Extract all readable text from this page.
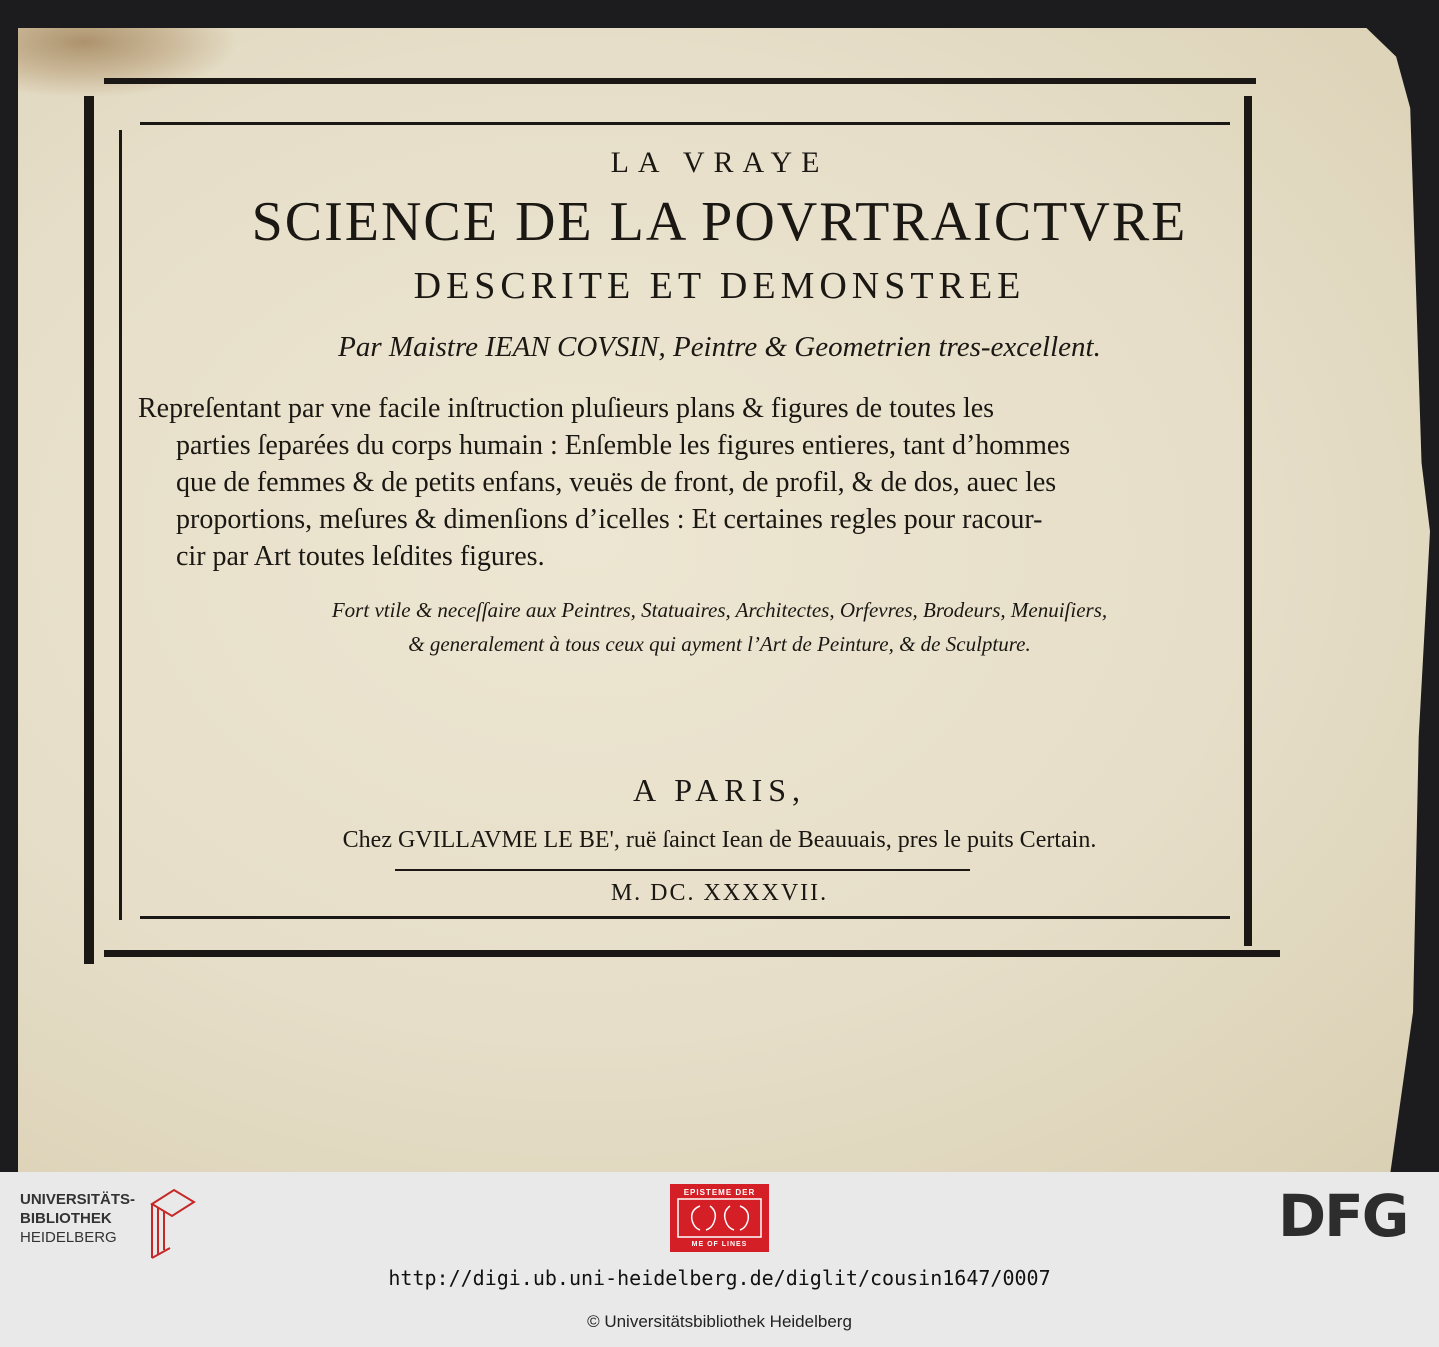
LA VRAYE
SCIENCE DE LA POVRTRAICTVRE
DESCRITE ET DEMONSTREE
Par Maistre IEAN COVSIN, Peintre & Geometrien tres-excellent.
Repreſentant par vne facile inſtruction pluſieurs plans & figures de toutes les
parties ſeparées du corps humain : Enſemble les figures entieres, tant d’hommes
que de femmes & de petits enfans, veuës de front, de profil, & de dos, auec les
proportions, meſures & dimenſions d’icelles : Et certaines regles pour racour-
cir par Art toutes leſdites figures.
Fort vtile & neceſſaire aux Peintres, Statuaires, Architectes, Orfevres, Brodeurs, Menuiſiers,
& generalement à tous ceux qui ayment l’Art de Peinture, & de Sculpture.
A PARIS,
Chez GVILLAVME LE BE', ruë ſainct Iean de Beauuais, pres le puits Certain.
M. DC. XXXXVII.
UNIVERSITÄTS-
BIBLIOTHEK
HEIDELBERG
EPISTEME DER
ME OF LINES	DFG
http://digi.ub.uni-heidelberg.de/diglit/cousin1647/0007
© Universitätsbibliothek Heidelberg
